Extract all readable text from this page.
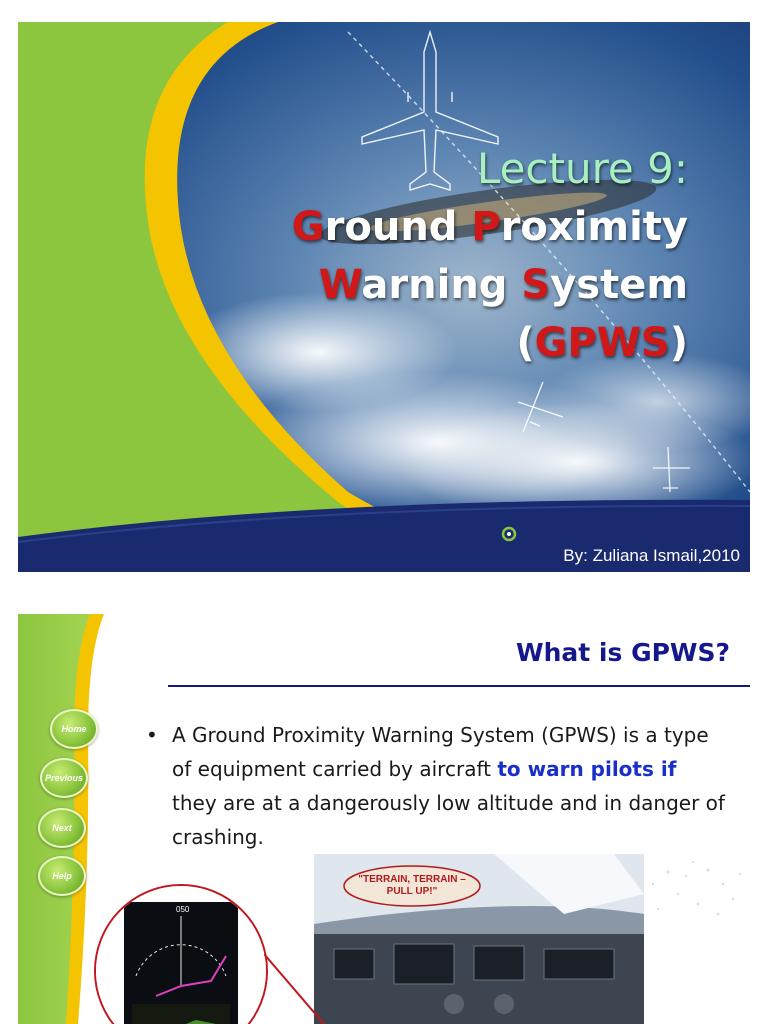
Lecture 9:
Ground Proximity
Warning System
(GPWS)
By: Zuliana Ismail,2010
What is GPWS?
Home
Previous
Next
Help
• A Ground Proximity Warning System (GPWS) is a type of equipment carried by aircraft to warn pilots if they are at a dangerously low altitude and in danger of crashing.
"TERRAIN, TERRAIN – PULL UP!"
050
